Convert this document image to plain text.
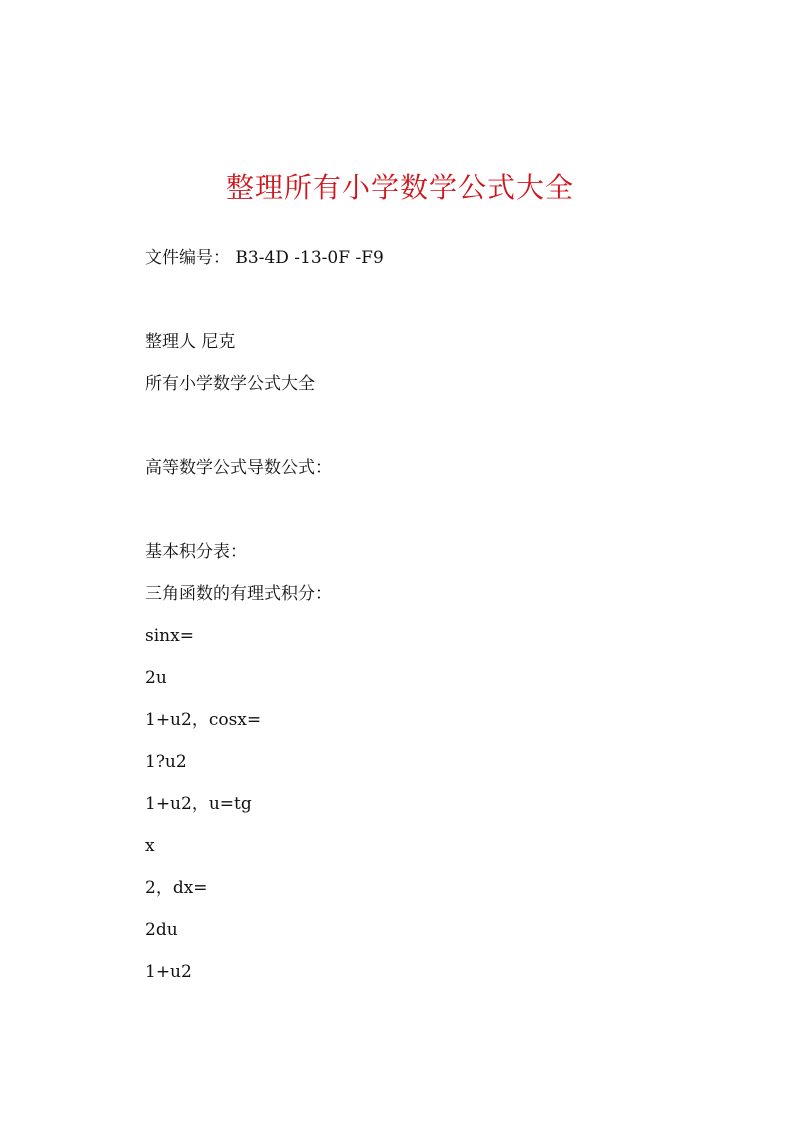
整理所有小学数学公式大全
文件编号： B3-4D -13-0F -F9
整理人 尼克
所有小学数学公式大全
高等数学公式导数公式：
基本积分表：
三角函数的有理式积分：
sinx=
2u
1+u2，cosx=
1?u2
1+u2，u=tg
x
2，dx=
2du
1+u2
